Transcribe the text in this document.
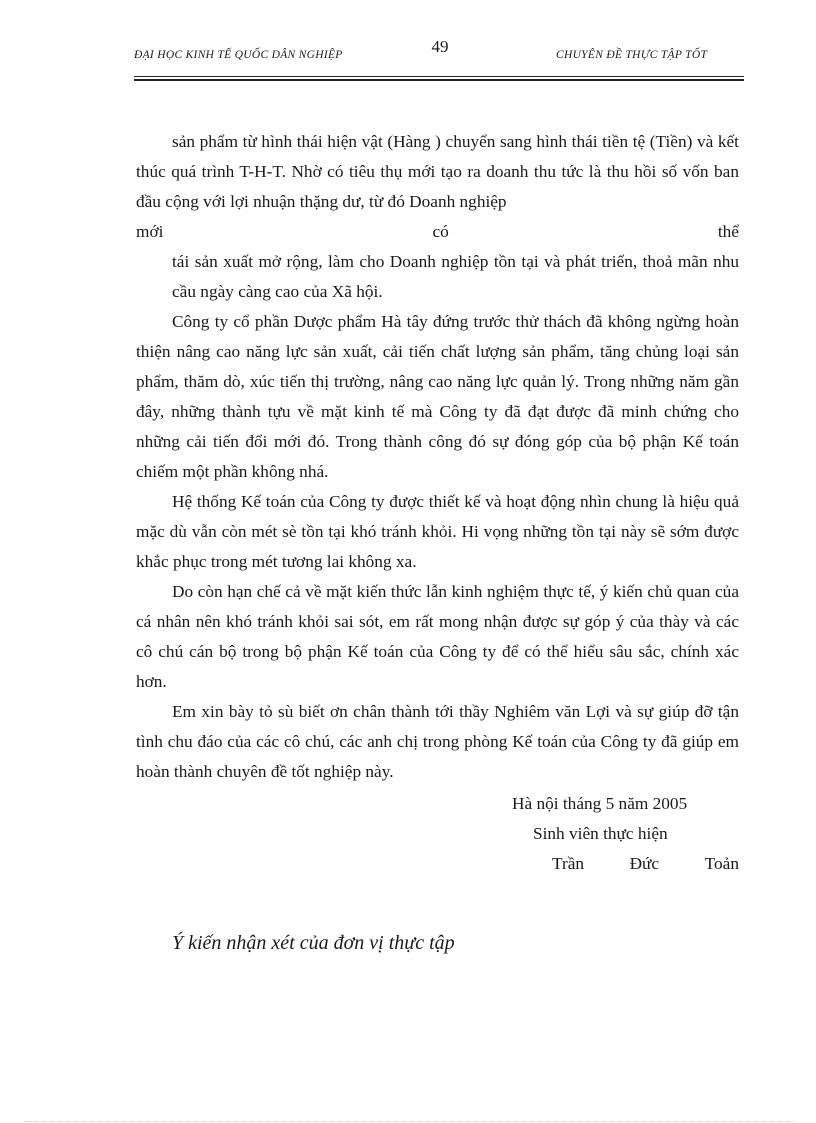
ĐẠI HỌC KINH TẾ QUỐC DÂN NGHIỆP	49	CHUYÊN ĐỀ THỰC TẬP TỐT

sản phẩm từ hình thái hiện vật (Hàng ) chuyển sang hình thái tiền tệ (Tiền) và kết thúc quá trình T-H-T. Nhờ có tiêu thụ mới tạo ra doanh thu tức là thu hồi số vốn ban đầu cộng với lợi nhuận thặng dư, từ đó Doanh nghiệp

mới	có	thể

tái sản xuất mở rộng, làm cho Doanh nghiệp tồn tại và phát triển, thoả mãn nhu cầu ngày càng cao của Xã hội.

Công ty cổ phần Dược phẩm Hà tây đứng trước thử thách đã không ngừng hoàn thiện nâng cao năng lực sản xuất, cải tiến chất lượng sản phẩm, tăng chủng loại sản phẩm, thăm dò, xúc tiến thị trường, nâng cao năng lực quản lý. Trong những năm gần đây, những thành tựu về mặt kinh tế mà Công ty đã đạt được đã minh chứng cho những cải tiến đổi mới đó. Trong thành công đó sự đóng góp của bộ phận Kế toán chiếm một phần không nhá.

Hệ thống Kế toán của Công ty được thiết kế và hoạt động nhìn chung là hiệu quả mặc dù vẫn còn mét sè tồn tại khó tránh khỏi. Hi vọng những tồn tại này sẽ sớm được khắc phục trong mét tương lai không xa.

Do còn hạn chế cả về mặt kiến thức lẫn kinh nghiệm thực tế, ý kiến chủ quan của cá nhân nên khó tránh khỏi sai sót, em rất mong nhận được sự góp ý của thày và các cô chú cán bộ trong bộ phận Kế toán của Công ty để có thể hiểu sâu sắc, chính xác hơn.

Em xin bày tỏ sù biết ơn chân thành tới thầy Nghiêm văn Lợi và sự giúp đỡ tận tình chu đáo của các cô chú, các anh chị trong phòng Kế toán của Công ty đã giúp em hoàn thành chuyên đề tốt nghiệp này.

Hà nội tháng 5 năm 2005
Sinh viên thực hiện
Trần	Đức	Toản
Ý kiến nhận xét của đơn vị thực tập
